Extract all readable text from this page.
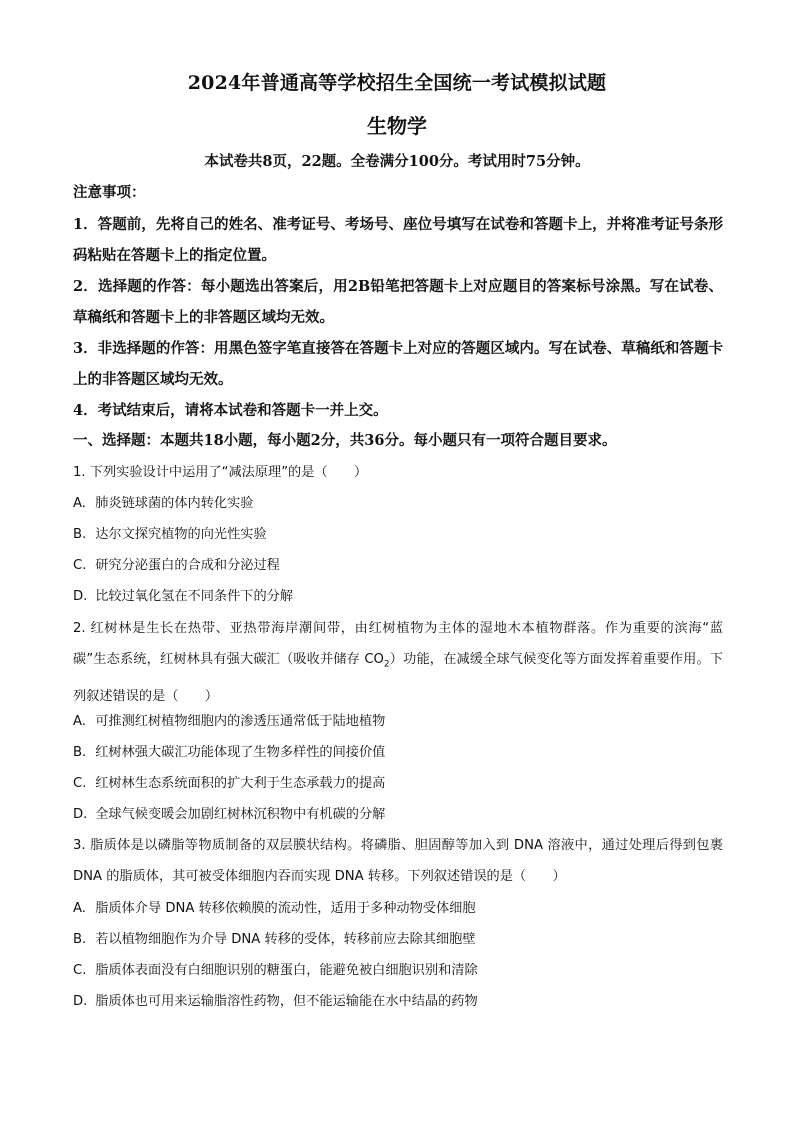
2024年普通高等学校招生全国统一考试模拟试题
生物学
本试卷共8页，22题。全卷满分100分。考试用时75分钟。
注意事项：
1．答题前，先将自己的姓名、准考证号、考场号、座位号填写在试卷和答题卡上，并将准考证号条形码粘贴在答题卡上的指定位置。
2．选择题的作答：每小题选出答案后，用2B铅笔把答题卡上对应题目的答案标号涂黑。写在试卷、草稿纸和答题卡上的非答题区域均无效。
3．非选择题的作答：用黑色签字笔直接答在答题卡上对应的答题区域内。写在试卷、草稿纸和答题卡上的非答题区域均无效。
4．考试结束后，请将本试卷和答题卡一并上交。
一、选择题：本题共18小题，每小题2分，共36分。每小题只有一项符合题目要求。
1. 下列实验设计中运用了“减法原理”的是（　　）
A. 肺炎链球菌的体内转化实验
B. 达尔文探究植物的向光性实验
C. 研究分泌蛋白的合成和分泌过程
D. 比较过氧化氢在不同条件下的分解
2. 红树林是生长在热带、亚热带海岸潮间带，由红树植物为主体的湿地木本植物群落。作为重要的滨海“蓝碳”生态系统，红树林具有强大碳汇（吸收并储存 $CO_2$）功能，在减缓全球气候变化等方面发挥着重要作用。下列叙述错误的是（　　）
A. 可推测红树植物细胞内的渗透压通常低于陆地植物
B. 红树林强大碳汇功能体现了生物多样性的间接价值
C. 红树林生态系统面积的扩大利于生态承载力的提高
D. 全球气候变暖会加剧红树林沉积物中有机碳的分解
3. 脂质体是以磷脂等物质制备的双层膜状结构。将磷脂、胆固醇等加入到 DNA 溶液中，通过处理后得到包裹 DNA 的脂质体，其可被受体细胞内吞而实现 DNA 转移。下列叙述错误的是（　　）
A. 脂质体介导 DNA 转移依赖膜的流动性，适用于多种动物受体细胞
B. 若以植物细胞作为介导 DNA 转移的受体，转移前应去除其细胞壁
C. 脂质体表面没有白细胞识别的糖蛋白，能避免被白细胞识别和清除
D. 脂质体也可用来运输脂溶性药物，但不能运输能在水中结晶的药物
